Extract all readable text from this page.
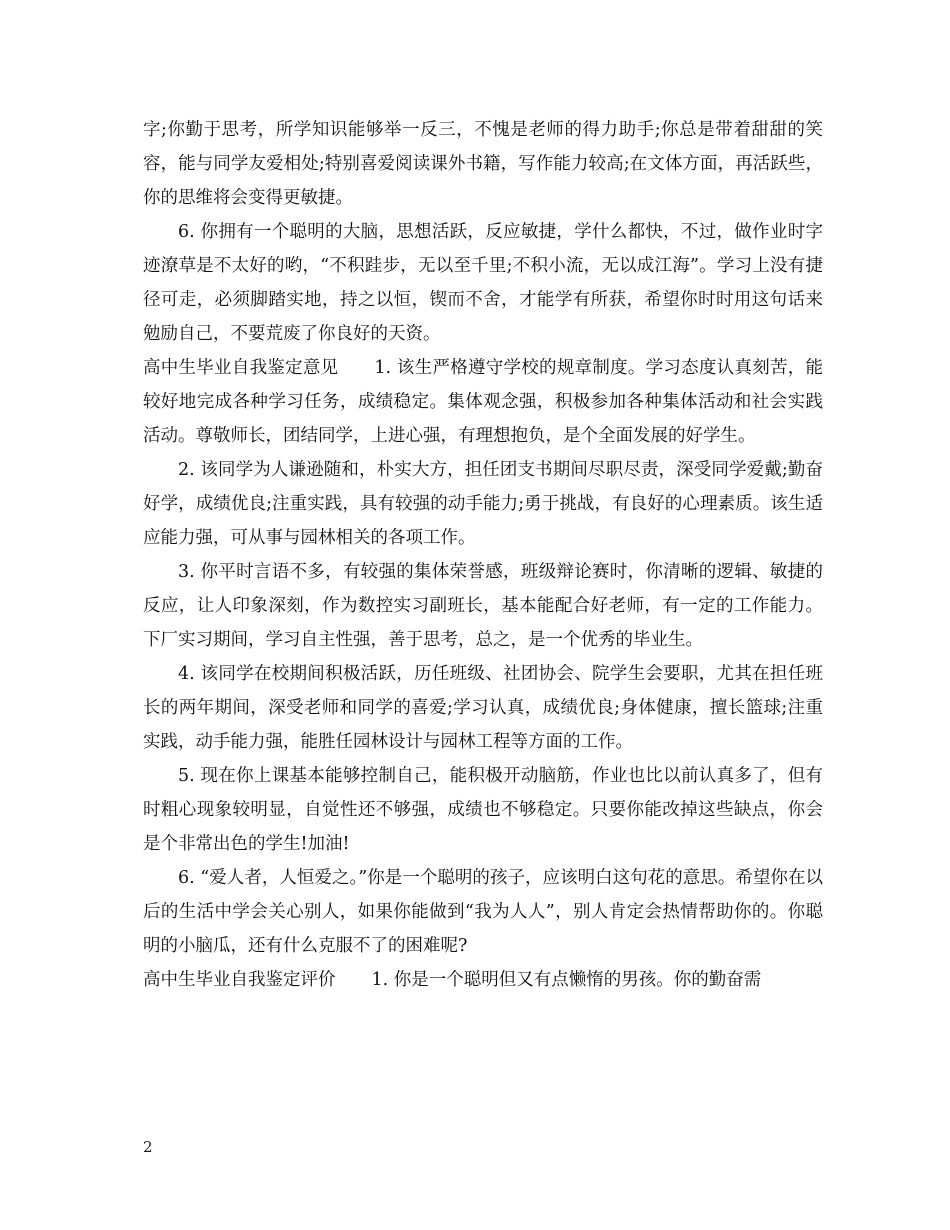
字;你勤于思考，所学知识能够举一反三，不愧是老师的得力助手;你总是带着甜甜的笑容，能与同学友爱相处;特别喜爱阅读课外书籍，写作能力较高;在文体方面，再活跃些，你的思维将会变得更敏捷。

6. 你拥有一个聪明的大脑，思想活跃，反应敏捷，学什么都快，不过，做作业时字迹潦草是不太好的哟，“不积跬步，无以至千里;不积小流，无以成江海”。学习上没有捷径可走，必须脚踏实地，持之以恒，锲而不舍，才能学有所获，希望你时时用这句话来勉励自己，不要荒废了你良好的天资。

高中生毕业自我鉴定意见 1. 该生严格遵守学校的规章制度。学习态度认真刻苦，能较好地完成各种学习任务，成绩稳定。集体观念强，积极参加各种集体活动和社会实践活动。尊敬师长，团结同学，上进心强，有理想抱负，是个全面发展的好学生。

2. 该同学为人谦逊随和，朴实大方，担任团支书期间尽职尽责，深受同学爱戴;勤奋好学，成绩优良;注重实践，具有较强的动手能力;勇于挑战，有良好的心理素质。该生适应能力强，可从事与园林相关的各项工作。

3. 你平时言语不多，有较强的集体荣誉感，班级辩论赛时，你清晰的逻辑、敏捷的反应，让人印象深刻，作为数控实习副班长，基本能配合好老师，有一定的工作能力。下厂实习期间，学习自主性强，善于思考，总之，是一个优秀的毕业生。

4. 该同学在校期间积极活跃，历任班级、社团协会、院学生会要职，尤其在担任班长的两年期间，深受老师和同学的喜爱;学习认真，成绩优良;身体健康，擅长篮球;注重实践，动手能力强，能胜任园林设计与园林工程等方面的工作。

5. 现在你上课基本能够控制自己，能积极开动脑筋，作业也比以前认真多了，但有时粗心现象较明显，自觉性还不够强，成绩也不够稳定。只要你能改掉这些缺点，你会是个非常出色的学生!加油!

6. “爱人者，人恒爱之。”你是一个聪明的孩子，应该明白这句花的意思。希望你在以后的生活中学会关心别人，如果你能做到“我为人人”，别人肯定会热情帮助你的。你聪明的小脑瓜，还有什么克服不了的困难呢?

高中生毕业自我鉴定评价 1. 你是一个聪明但又有点懒惰的男孩。你的勤奋需

2
